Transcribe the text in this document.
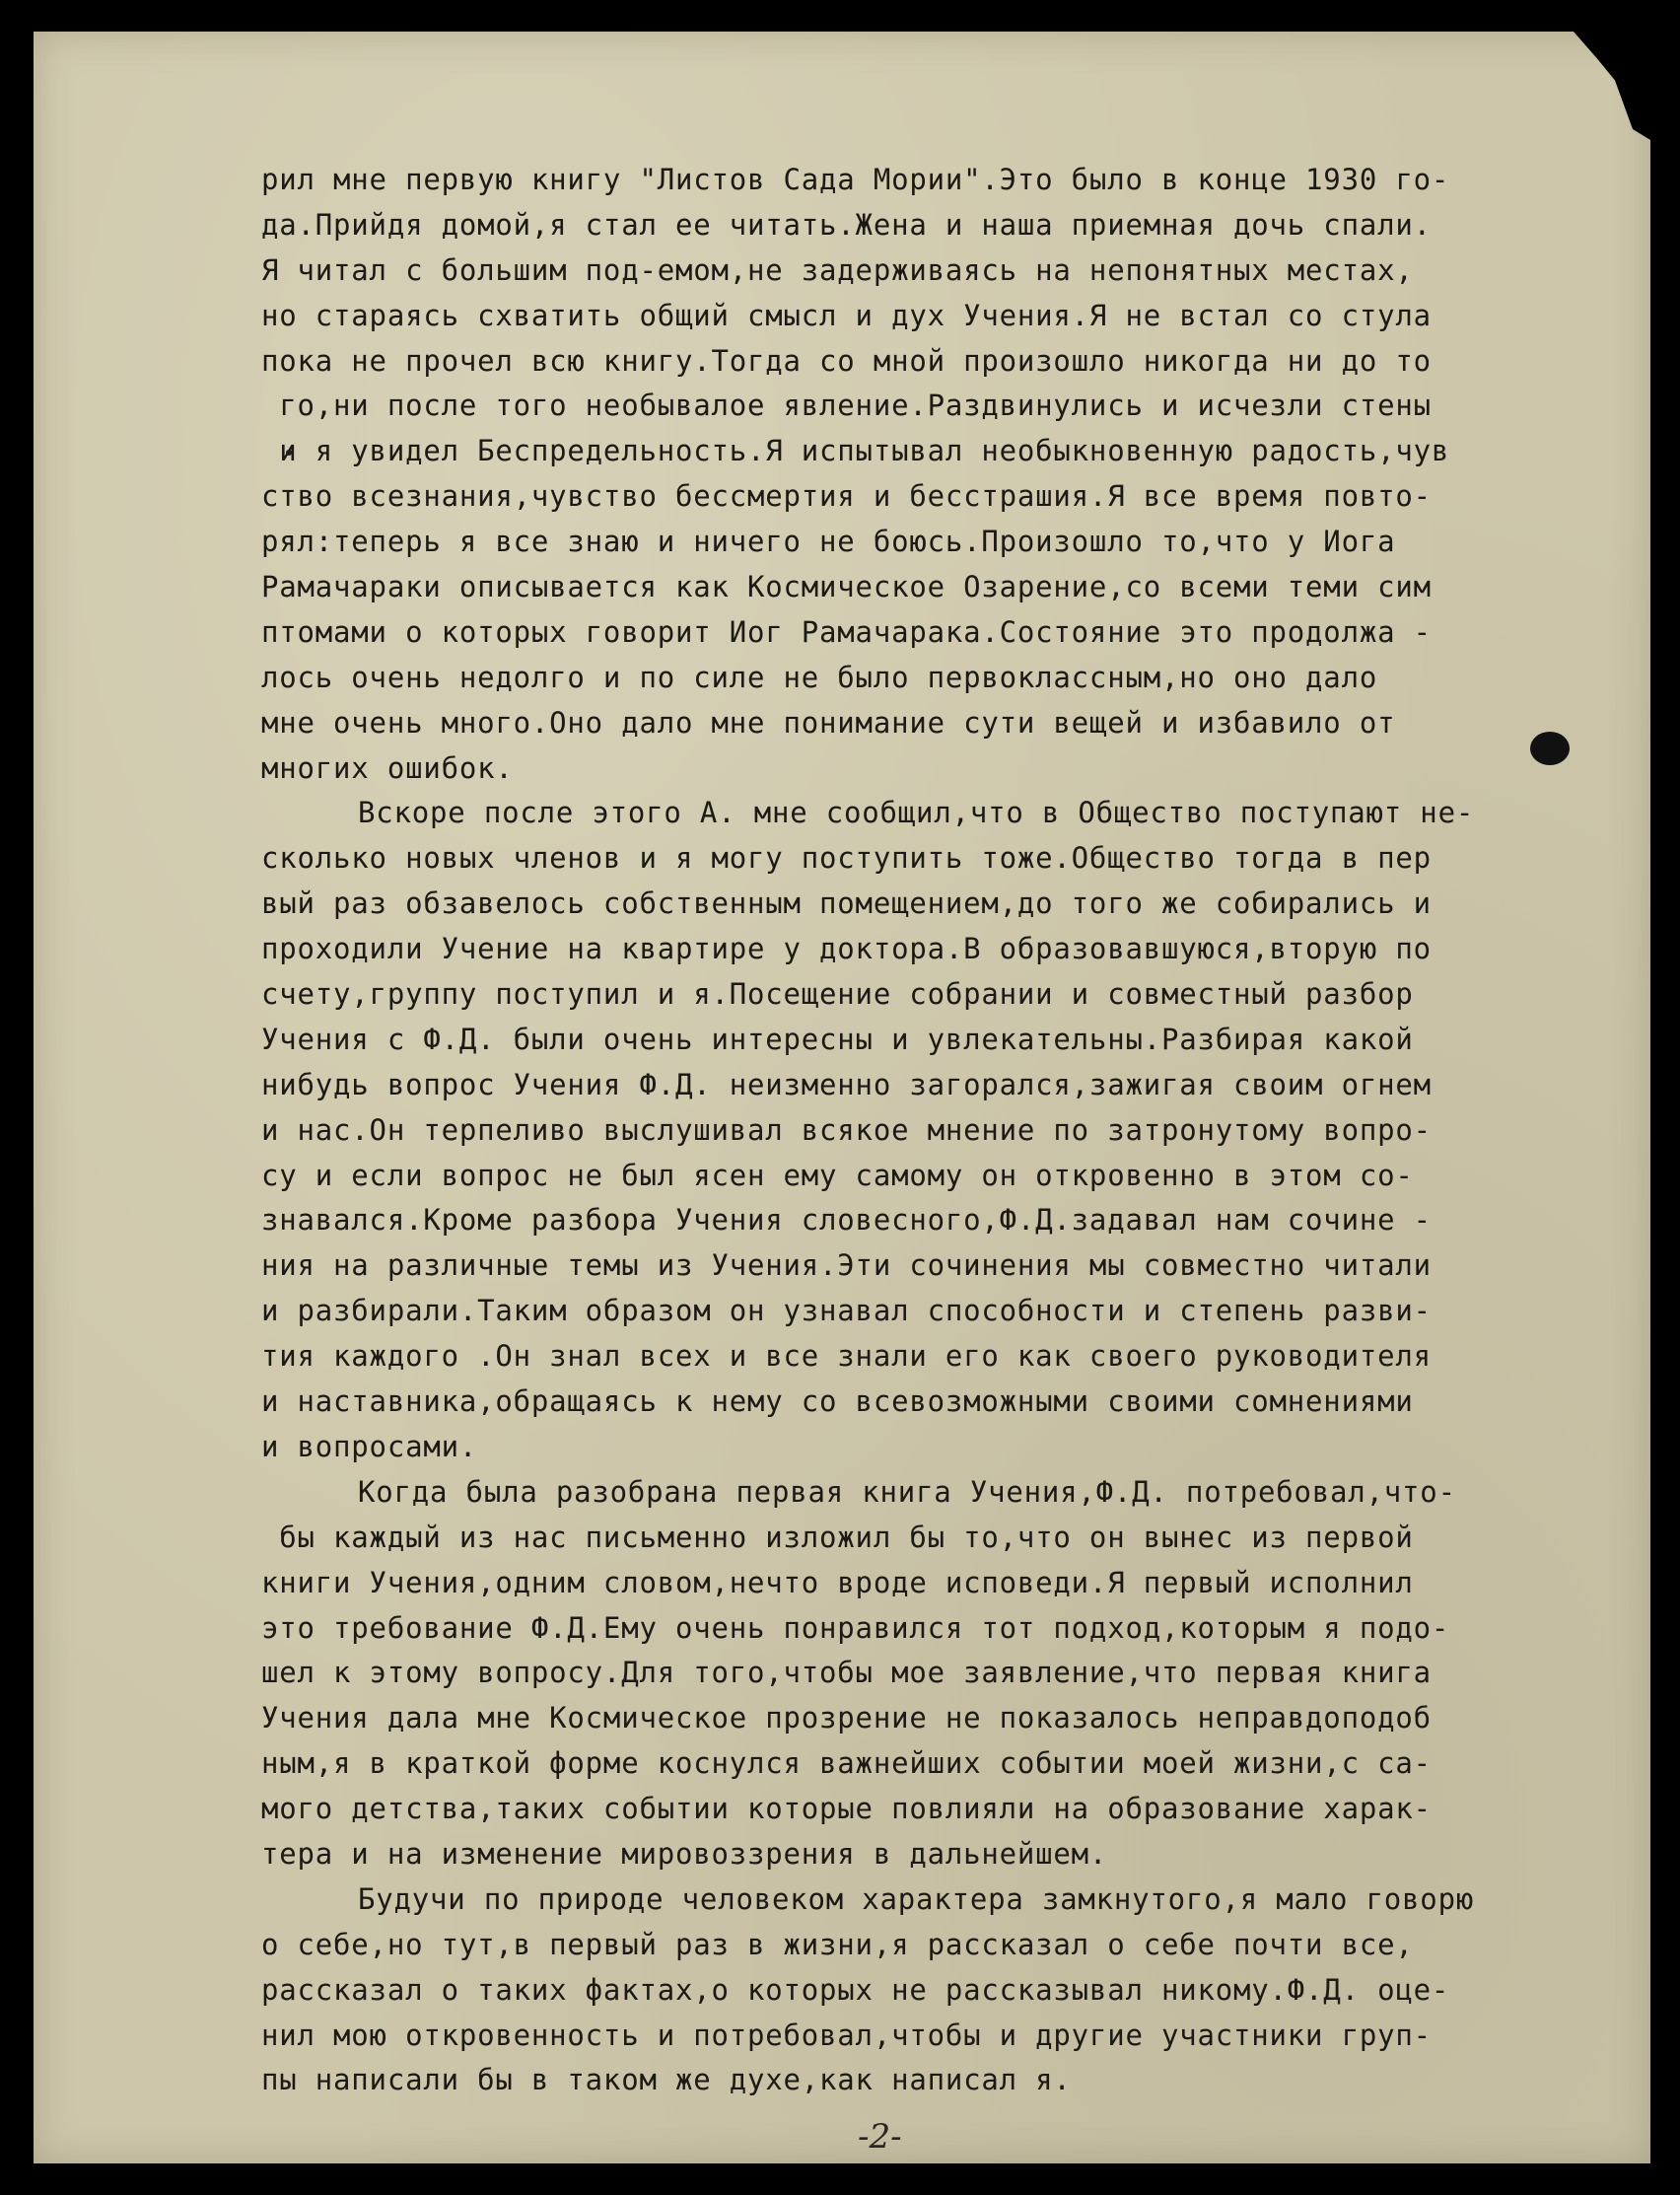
рил мне первую книгу "Листов Сада Мории".Это было в конце 1930 го-
да.Прийдя домой,я стал ее читать.Жена и наша приемная дочь спали.
Я читал с большим под-емом,не задерживаясь на непонятных местах,
но стараясь схватить общий смысл и дух Учения.Я не встал со стула
пока не прочел всю книгу.Тогда со мной произошло никогда ни до то
го,ни после того необывалое явление.Раздвинулись и исчезли стены
и я увидел Беспредельность.Я испытывал необыкновенную радость,чув
ство всезнания,чувство бессмертия и бесстрашия.Я все время повто-
рял:теперь я все знаю и ничего не боюсь.Произошло то,что у Иога
Рамачараки описывается как Космическое Озарение,со всеми теми сим
птомами о которых говорит Иог Рамачарака.Состояние это продолжа -
лось очень недолго и по силе не было первоклассным,но оно дало
мне очень много.Оно дало мне понимание сути вещей и избавило от
многих ошибок.
Вскоре после этого А. мне сообщил,что в Общество поступают не-
сколько новых членов и я могу поступить тоже.Общество тогда в пер
вый раз обзавелось собственным помещением,до того же собирались и
проходили Учение на квартире у доктора.В образовавшуюся,вторую по
счету,группу поступил и я.Посещение собрании и совместный разбор
Учения с Ф.Д. были очень интересны и увлекательны.Разбирая какой
нибудь вопрос Учения Ф.Д. неизменно загорался,зажигая своим огнем
и нас.Он терпеливо выслушивал всякое мнение по затронутому вопро-
су и если вопрос не был ясен ему самому он откровенно в этом со-
знавался.Кроме разбора Учения словесного,Ф.Д.задавал нам сочине -
ния на различные темы из Учения.Эти сочинения мы совместно читали
и разбирали.Таким образом он узнавал способности и степень разви-
тия каждого .Он знал всех и все знали его как своего руководителя
и наставника,обращаясь к нему со всевозможными своими сомнениями
и вопросами.
Когда была разобрана первая книга Учения,Ф.Д. потребовал,что-
бы каждый из нас письменно изложил бы то,что он вынес из первой
книги Учения,одним словом,нечто вроде исповеди.Я первый исполнил
это требование Ф.Д.Ему очень понравился тот подход,которым я подо-
шел к этому вопросу.Для того,чтобы мое заявление,что первая книга
Учения дала мне Космическое прозрение не показалось неправдоподоб
ным,я в краткой форме коснулся важнейших событии моей жизни,с са-
мого детства,таких событии которые повлияли на образование харак-
тера и на изменение мировоззрения в дальнейшем.
Будучи по природе человеком характера замкнутого,я мало говорю
о себе,но тут,в первый раз в жизни,я рассказал о себе почти все,
рассказал о таких фактах,о которых не рассказывал никому.Ф.Д. оце-
нил мою откровенность и потребовал,чтобы и другие участники груп-
пы написали бы в таком же духе,как написал я.
-2-
